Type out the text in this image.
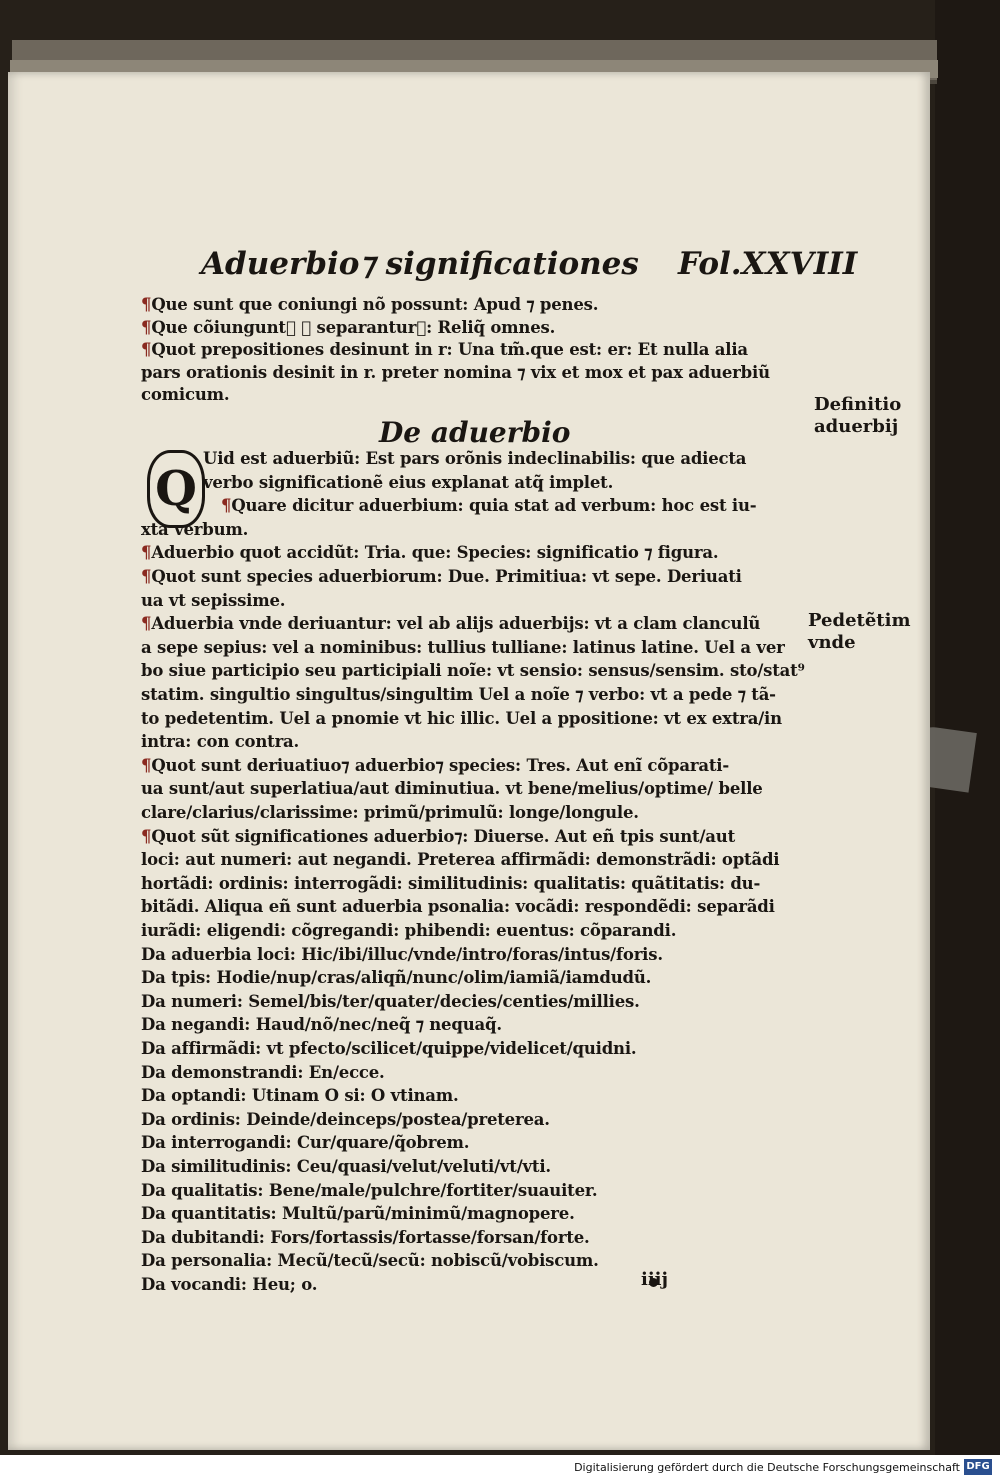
Aduerbio⁊ significationes Fol.XXVIII
¶Que sunt que coniungi nõ possunt: Apud ⁊ penes.
¶Que cõiunguntᷓ ⁊ separanturᷓ: Reliq̃ omnes.
¶Quot prepositiones desinunt in r: Una tm̃.que est: er: Et nulla alia
pars orationis desinit in r. preter nomina ⁊ vix et mox et pax aduerbiũ
comicum.
De aduerbio
Q
Uid est aduerbiũ: Est pars orõnis indeclinabilis: que adiecta
verbo significationẽ eius explanat atq̃ implet.
¶Quare dicitur aduerbium: quia stat ad verbum: hoc est iu-
xta verbum.
¶Aduerbio quot accidũt: Tria. que: Species: significatio ⁊ figura.
¶Quot sunt species aduerbiorum: Due. Primitiua: vt sepe. Deriuati
ua vt sepissime.
¶Aduerbia vnde deriuantur: vel ab alijs aduerbijs: vt a clam clanculũ
a sepe sepius: vel a nominibus: tullius tulliane: latinus latine. Uel a ver
bo siue participio seu participiali noĩe: vt sensio: sensus/sensim. sto/stat⁹
statim. singultio singultus/singultim Uel a noĩe ⁊ verbo: vt a pede ⁊ tã-
to pedetentim. Uel a pnomie vt hic illic. Uel a ppositione: vt ex extra/in
intra: con contra.
¶Quot sunt deriuatiuo⁊ aduerbio⁊ species: Tres. Aut enĩ cõparati-
ua sunt/aut superlatiua/aut diminutiua. vt bene/melius/optime/ belle
clare/clarius/clarissime: primũ/primulũ: longe/longule.
¶Quot sũt significationes aduerbio⁊: Diuerse. Aut eñ tpis sunt/aut
loci: aut numeri: aut negandi. Preterea affirmãdi: demonstrãdi: optãdi
hortãdi: ordinis: interrogãdi: similitudinis: qualitatis: quãtitatis: du-
bitãdi. Aliqua eñ sunt aduerbia psonalia: vocãdi: respondẽdi: separãdi
iurãdi: eligendi: cõgregandi: phibendi: euentus: cõparandi.
Da aduerbia loci: Hic/ibi/illuc/vnde/intro/foras/intus/foris.
Da tpis: Hodie/nup/cras/aliqñ/nunc/olim/iamiã/iamdudũ.
Da numeri: Semel/bis/ter/quater/decies/centies/millies.
Da negandi: Haud/nõ/nec/neq̃ ⁊ nequaq̃.
Da affirmãdi: vt pfecto/scilicet/quippe/videlicet/quidni.
Da demonstrandi: En/ecce.
Da optandi: Utinam O si: O vtinam.
Da ordinis: Deinde/deinceps/postea/preterea.
Da interrogandi: Cur/quare/q̃obrem.
Da similitudinis: Ceu/quasi/velut/veluti/vt/vti.
Da qualitatis: Bene/male/pulchre/fortiter/suauiter.
Da quantitatis: Multũ/parũ/minimũ/magnopere.
Da dubitandi: Fors/fortassis/fortasse/forsan/forte.
Da personalia: Mecũ/tecũ/secũ: nobiscũ/vobiscum.
Da vocandi: Heu; o.	iiij
Definitio
aduerbij
Pedetẽtim
vnde
Digitalisierung gefördert durch die Deutsche Forschungsgemeinschaft DFG
